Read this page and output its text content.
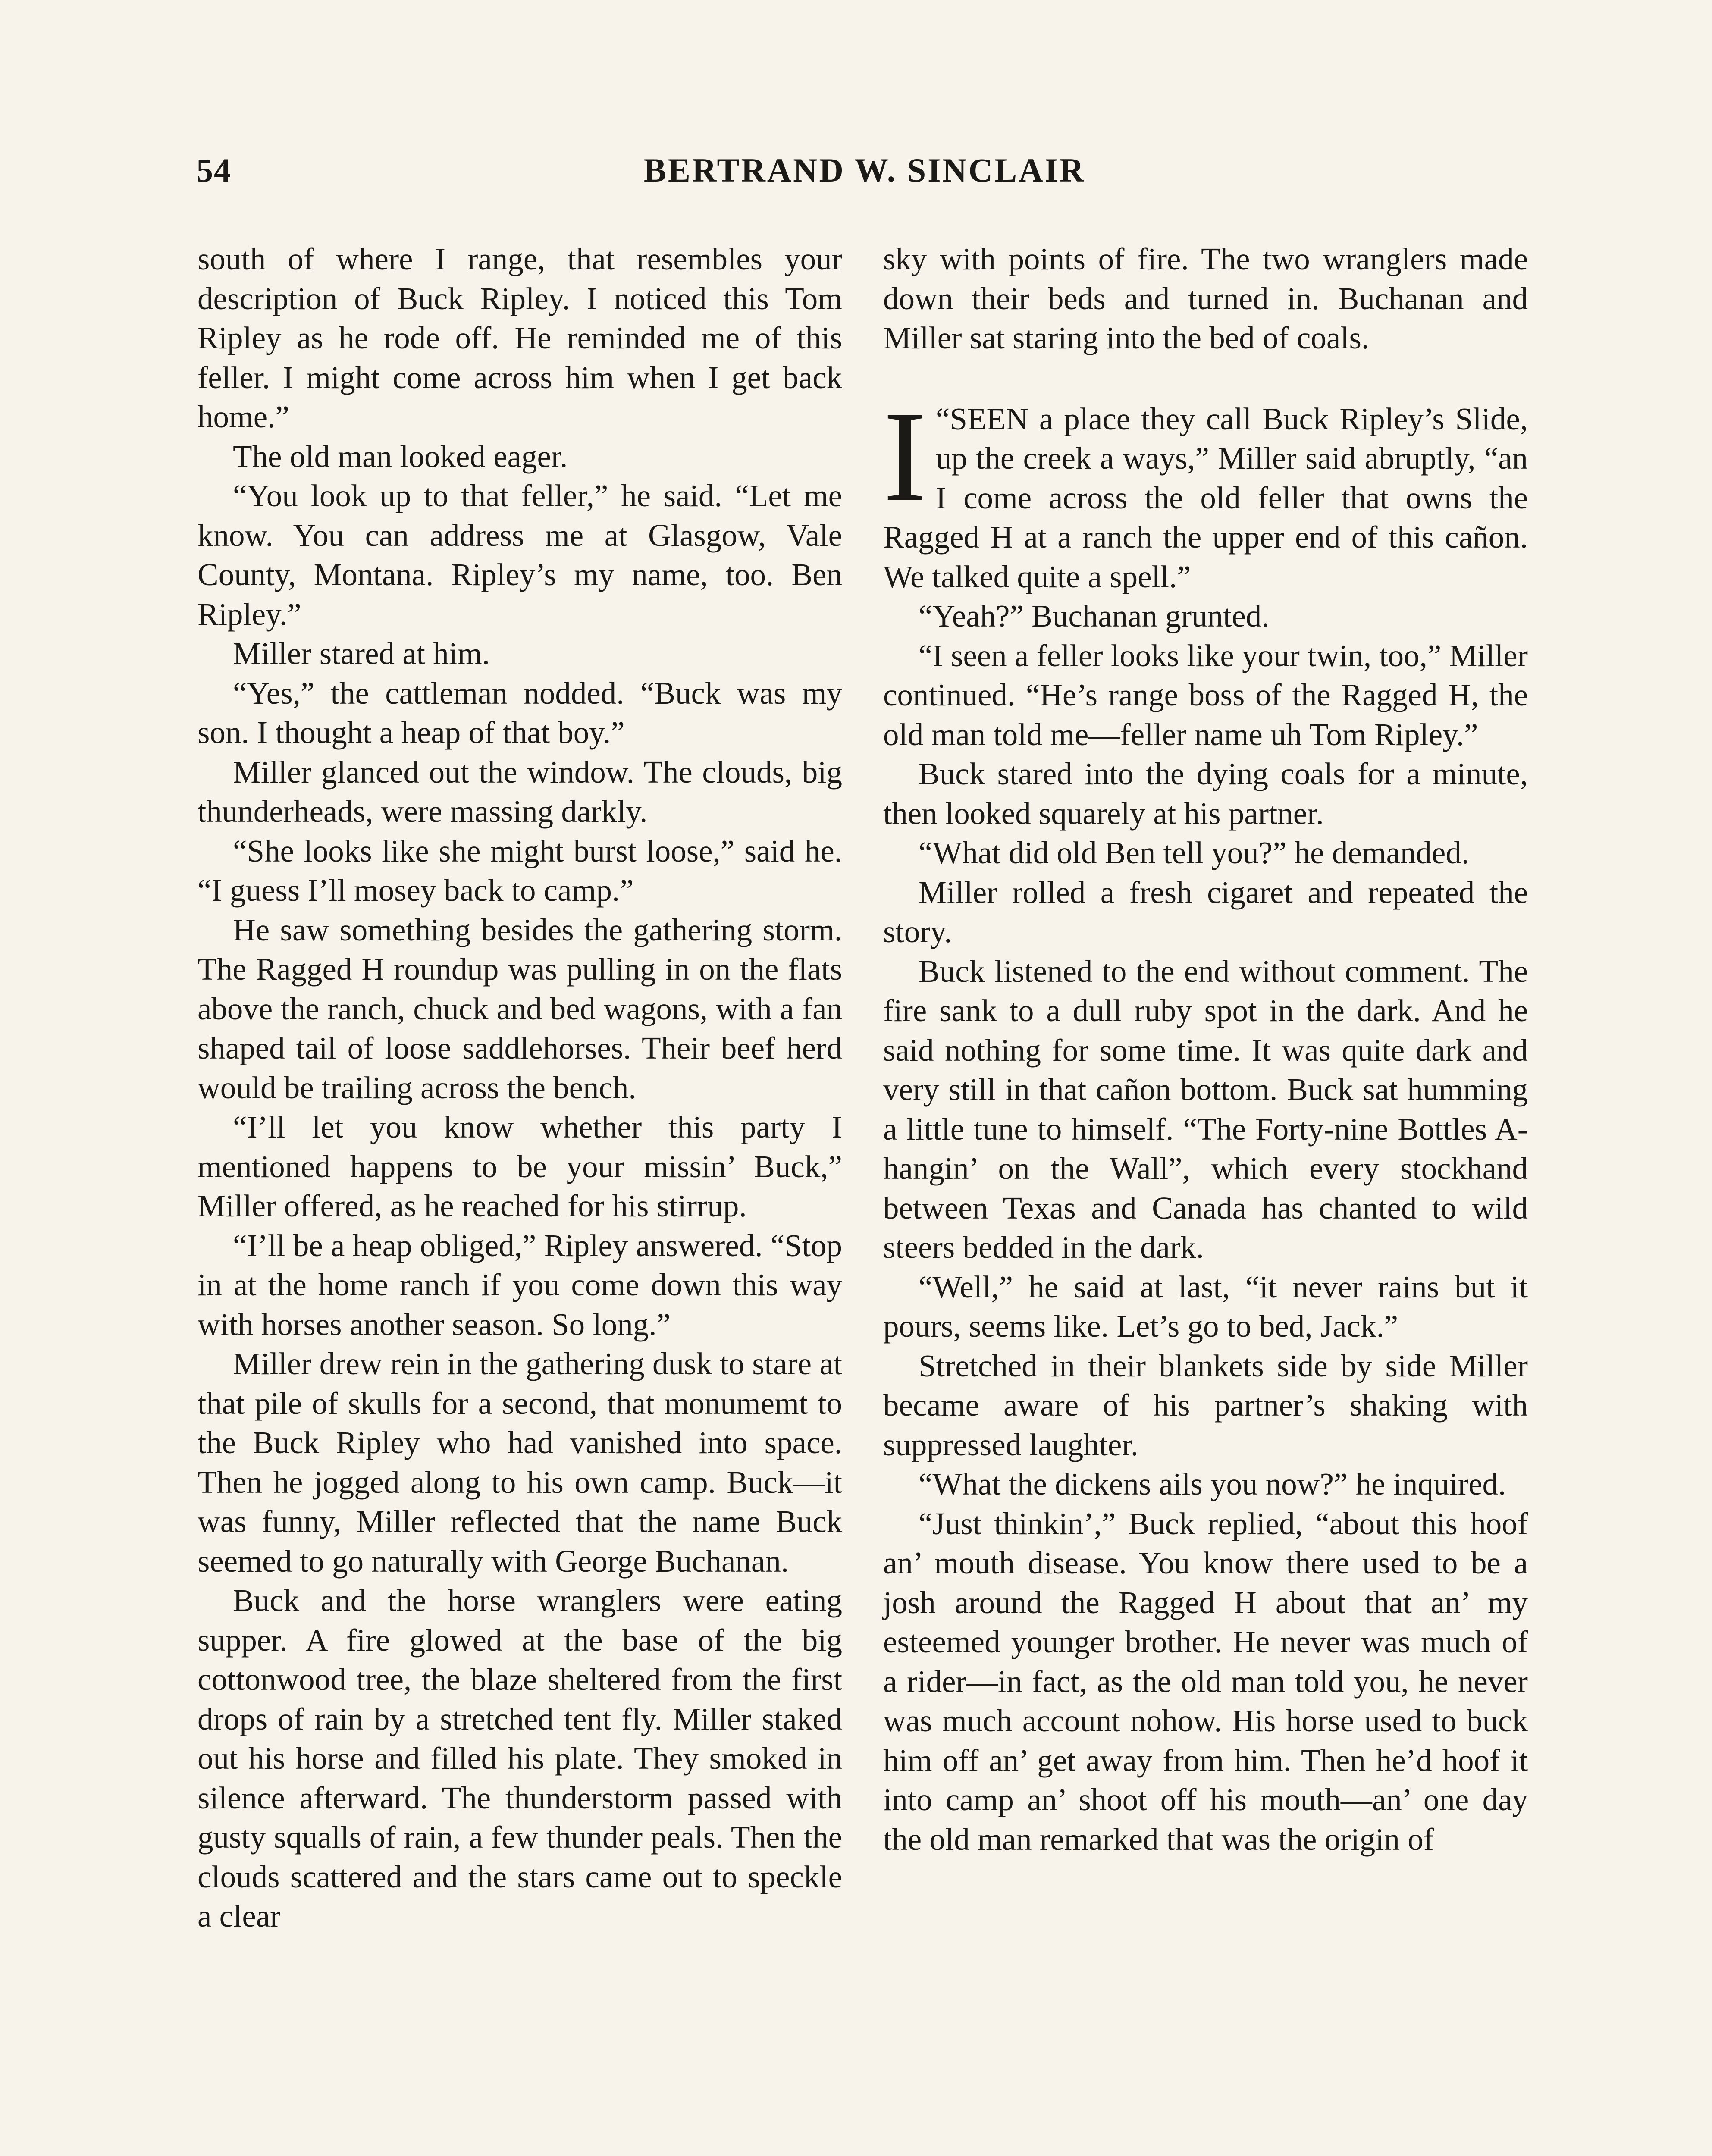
54	BERTRAND W. SINCLAIR

south of where I range, that resembles your description of Buck Ripley. I noticed this Tom Ripley as he rode off. He reminded me of this feller. I might come across him when I get back home.”

The old man looked eager.

“You look up to that feller,” he said. “Let me know. You can address me at Glasgow, Vale County, Montana. Ripley’s my name, too. Ben Ripley.”

Miller stared at him.

“Yes,” the cattleman nodded. “Buck was my son. I thought a heap of that boy.”

Miller glanced out the window. The clouds, big thunderheads, were massing darkly.

“She looks like she might burst loose,” said he. “I guess I’ll mosey back to camp.”

He saw something besides the gathering storm. The Ragged H roundup was pulling in on the flats above the ranch, chuck and bed wagons, with a fan shaped tail of loose saddlehorses. Their beef herd would be trailing across the bench.

“I’ll let you know whether this party I mentioned happens to be your missin’ Buck,” Miller offered, as he reached for his stirrup.

“I’ll be a heap obliged,” Ripley answered. “Stop in at the home ranch if you come down this way with horses another season. So long.”

Miller drew rein in the gathering dusk to stare at that pile of skulls for a second, that monumemt to the Buck Ripley who had vanished into space. Then he jogged along to his own camp. Buck—it was funny, Miller reflected that the name Buck seemed to go naturally with George Buchanan.

Buck and the horse wranglers were eating supper. A fire glowed at the base of the big cottonwood tree, the blaze sheltered from the first drops of rain by a stretched tent fly. Miller staked out his horse and filled his plate. They smoked in silence afterward. The thunderstorm passed with gusty squalls of rain, a few thunder peals. Then the clouds scattered and the stars came out to speckle a clear

sky with points of fire. The two wranglers made down their beds and turned in. Buchanan and Miller sat staring into the bed of coals.

“
I SEEN a place they call Buck Ripley’s Slide, up the creek a ways,” Miller said abruptly, “an I come across the old feller that owns the Ragged H at a ranch the upper end of this cañon. We talked quite a spell.”

“Yeah?” Buchanan grunted.

“I seen a feller looks like your twin, too,” Miller continued. “He’s range boss of the Ragged H, the old man told me—feller name uh Tom Ripley.”

Buck stared into the dying coals for a minute, then looked squarely at his partner.

“What did old Ben tell you?” he demanded.

Miller rolled a fresh cigaret and repeated the story.

Buck listened to the end without comment. The fire sank to a dull ruby spot in the dark. And he said nothing for some time. It was quite dark and very still in that cañon bottom. Buck sat humming a little tune to himself. “The Forty-nine Bottles A-hangin’ on the Wall”, which every stockhand between Texas and Canada has chanted to wild steers bedded in the dark.

“Well,” he said at last, “it never rains but it pours, seems like. Let’s go to bed, Jack.”

Stretched in their blankets side by side Miller became aware of his partner’s shaking with suppressed laughter.

“What the dickens ails you now?” he inquired.

“Just thinkin’,” Buck replied, “about this hoof an’ mouth disease. You know there used to be a josh around the Ragged H about that an’ my esteemed younger brother. He never was much of a rider—in fact, as the old man told you, he never was much account nohow. His horse used to buck him off an’ get away from him. Then he’d hoof it into camp an’ shoot off his mouth—an’ one day the old man remarked that was the origin of
